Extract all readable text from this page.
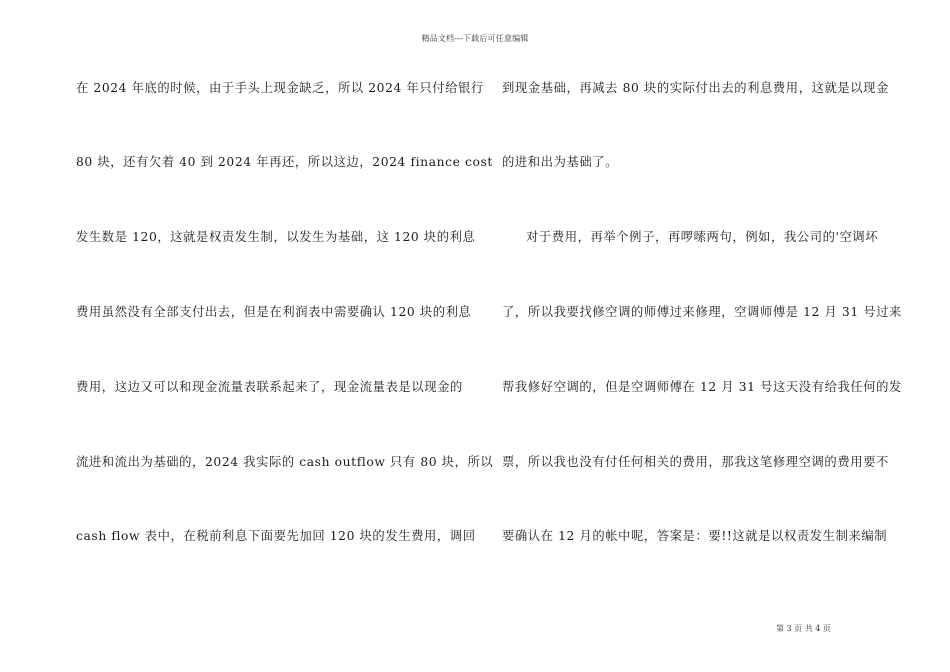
精品文档---下载后可任意编辑
在 2024 年底的时候，由于手头上现金缺乏，所以 2024 年只付给银行
80 块，还有欠着 40 到 2024 年再还，所以这边，2024 finance cost
发生数是 120，这就是权责发生制，以发生为基础，这 120 块的利息
费用虽然没有全部支付出去，但是在利润表中需要确认 120 块的利息
费用，这边又可以和现金流量表联系起来了，现金流量表是以现金的
流进和流出为基础的，2024 我实际的 cash outflow 只有 80 块，所以
cash flow 表中，在税前利息下面要先加回 120 块的发生费用，调回
到现金基础，再减去 80 块的实际付出去的利息费用，这就是以现金
的进和出为基础了。
对于费用，再举个例子，再啰嗦两句，例如，我公司的'空调坏
了，所以我要找修空调的师傅过来修理，空调师傅是 12 月 31 号过来
帮我修好空调的，但是空调师傅在 12 月 31 号这天没有给我任何的发
票，所以我也没有付任何相关的费用，那我这笔修理空调的费用要不
要确认在 12 月的帐中呢，答案是：要!!这就是以权责发生制来编制
第 3 页 共 4 页
